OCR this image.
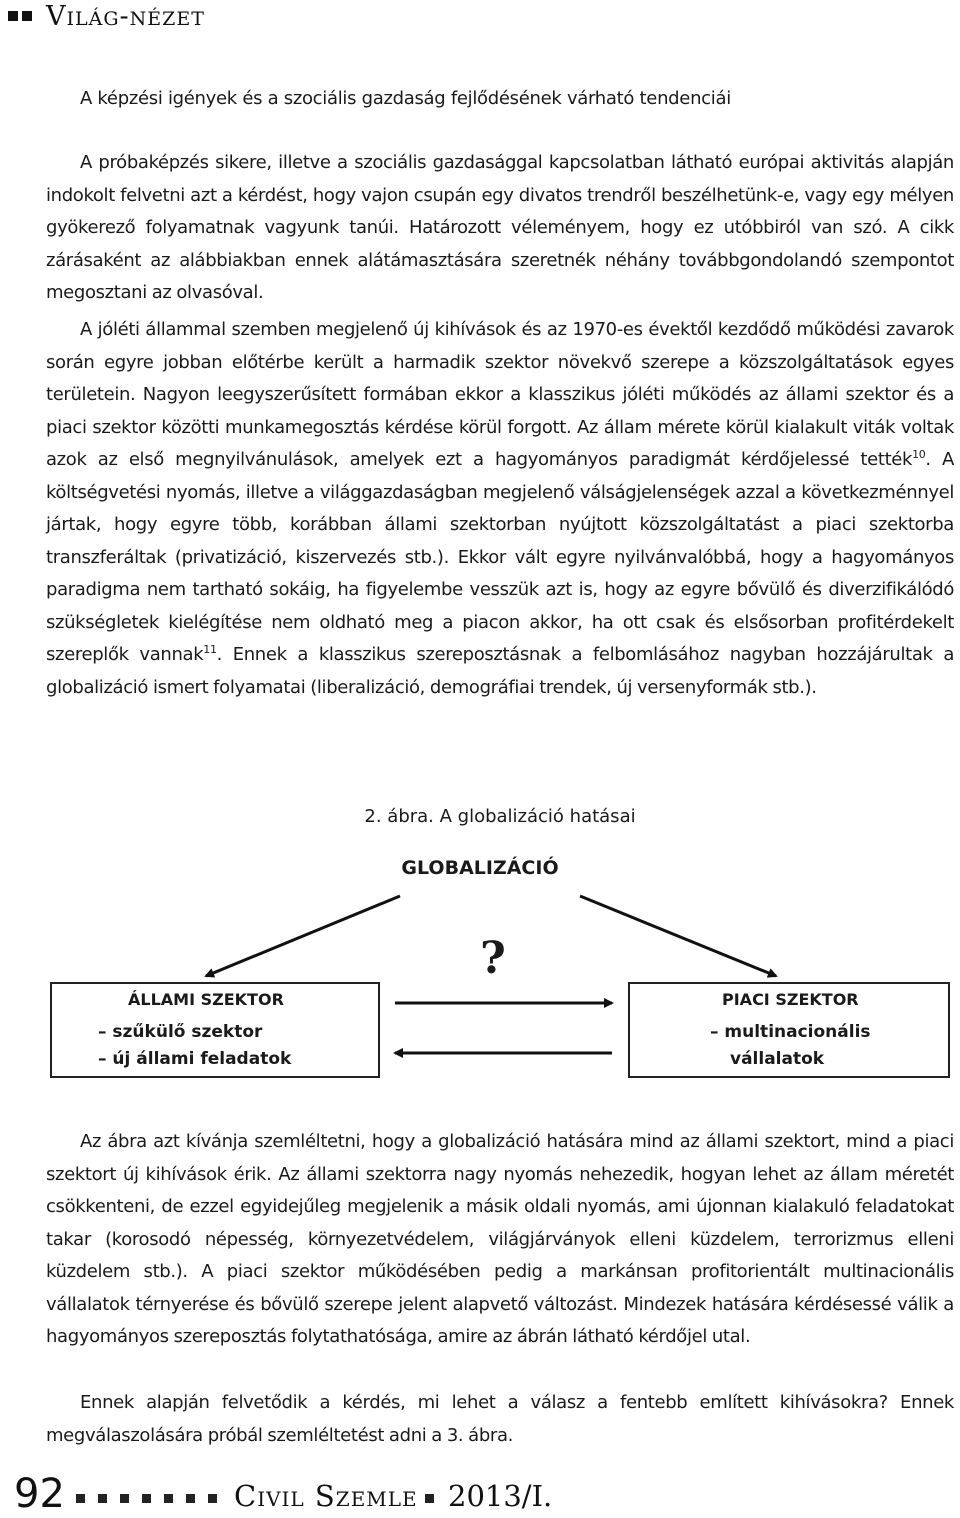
Világ-nézet
A képzési igények és a szociális gazdaság fejlődésének várható tendenciái

A próbaképzés sikere, illetve a szociális gazdasággal kapcsolatban látható európai aktivitás alapján indokolt felvetni azt a kérdést, hogy vajon csupán egy divatos trendről beszélhetünk-e, vagy egy mélyen gyökerező folyamatnak vagyunk tanúi. Határozott véleményem, hogy ez utóbbiról van szó. A cikk zárásaként az alábbiakban ennek alátámasztására szeretnék néhány továbbgondolandó szempontot megosztani az olvasóval.

A jóléti állammal szemben megjelenő új kihívások és az 1970-es évektől kezdődő működési zavarok során egyre jobban előtérbe került a harmadik szektor növekvő szerepe a közszolgáltatások egyes területein. Nagyon leegyszerűsített formában ekkor a klasszikus jóléti működés az állami szektor és a piaci szektor közötti munkamegosztás kérdése körül forgott. Az állam mérete körül kialakult viták voltak azok az első megnyilvánulások, amelyek ezt a hagyományos paradigmát kérdőjelessé tették$^{10}$. A költségvetési nyomás, illetve a világgazdaságban megjelenő válságjelenségek azzal a következménnyel jártak, hogy egyre több, korábban állami szektorban nyújtott közszolgáltatást a piaci szektorba transzferáltak (privatizáció, kiszervezés stb.). Ekkor vált egyre nyilvánvalóbbá, hogy a hagyományos paradigma nem tartható sokáig, ha figyelembe vesszük azt is, hogy az egyre bővülő és diverzifikálódó szükségletek kielégítése nem oldható meg a piacon akkor, ha ott csak és elsősorban profitérdekelt szereplők vannak$^{11}$. Ennek a klasszikus szereposztásnak a felbomlásához nagyban hozzájárultak a globalizáció ismert folyamatai (liberalizáció, demográfiai trendek, új versenyformák stb.).

2. ábra. A globalizáció hatásai
GLOBALIZÁCIÓ
?
ÁLLAMI SZEKTOR
– szűkülő szektor
– új állami feladatok
PIACI SZEKTOR
– multinacionális
vállalatok

Az ábra azt kívánja szemléltetni, hogy a globalizáció hatására mind az állami szektort, mind a piaci szektort új kihívások érik. Az állami szektorra nagy nyomás nehezedik, hogyan lehet az állam méretét csökkenteni, de ezzel egyidejűleg megjelenik a másik oldali nyomás, ami újonnan kialakuló feladatokat takar (korosodó népesség, környezetvédelem, világjárványok elleni küzdelem, terrorizmus elleni küzdelem stb.). A piaci szektor működésében pedig a markánsan profitorientált multinacionális vállalatok térnyerése és bővülő szerepe jelent alapvető változást. Mindezek hatására kérdésessé válik a hagyományos szereposztás folytathatósága, amire az ábrán látható kérdőjel utal.

Ennek alapján felvetődik a kérdés, mi lehet a válasz a fentebb említett kihívásokra? Ennek megválaszolására próbál szemléltetést adni a 3. ábra.

92	Civil Szemle 2013/I.
